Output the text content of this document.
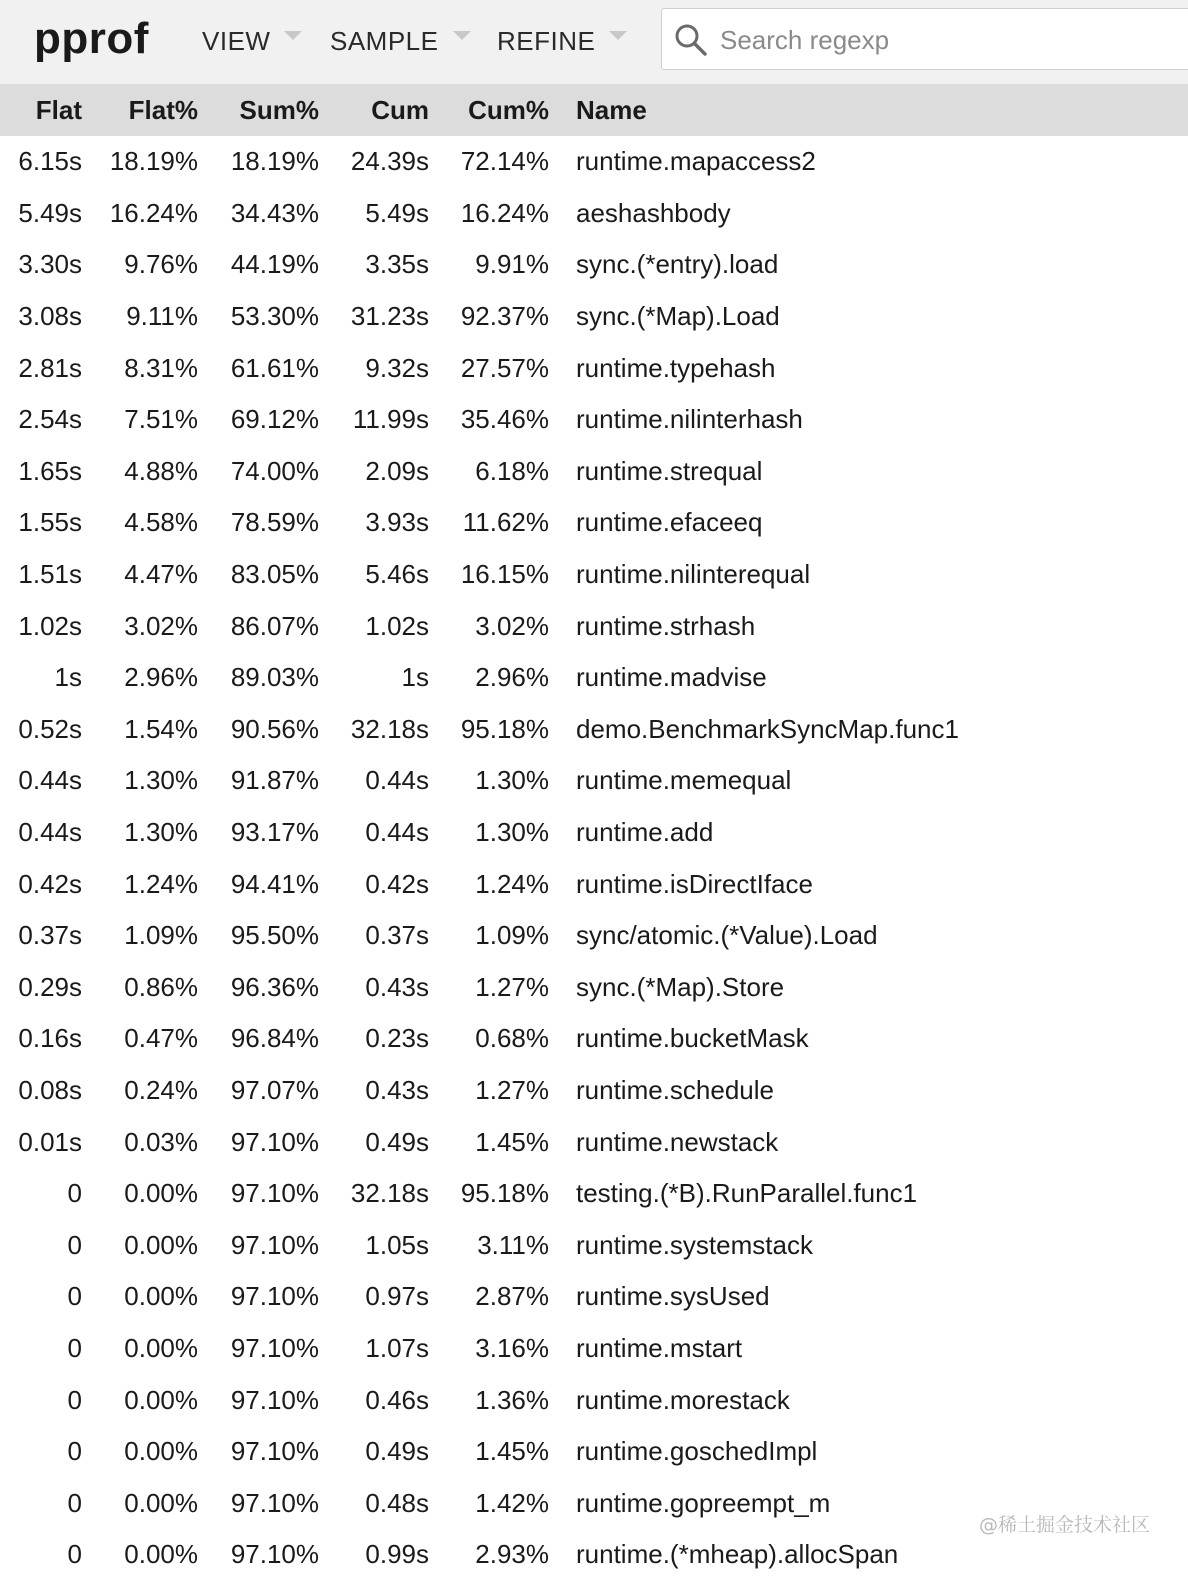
pprof VIEW SAMPLE REFINE
Search regexp
Flat	Flat%	Sum%	Cum	Cum%	Name
6.15s	18.19%	18.19%	24.39s	72.14%	runtime.mapaccess2
5.49s	16.24%	34.43%	5.49s	16.24%	aeshashbody
3.30s	9.76%	44.19%	3.35s	9.91%	sync.(*entry).load
3.08s	9.11%	53.30%	31.23s	92.37%	sync.(*Map).Load
2.81s	8.31%	61.61%	9.32s	27.57%	runtime.typehash
2.54s	7.51%	69.12%	11.99s	35.46%	runtime.nilinterhash
1.65s	4.88%	74.00%	2.09s	6.18%	runtime.strequal
1.55s	4.58%	78.59%	3.93s	11.62%	runtime.efaceeq
1.51s	4.47%	83.05%	5.46s	16.15%	runtime.nilinterequal
1.02s	3.02%	86.07%	1.02s	3.02%	runtime.strhash
1s	2.96%	89.03%	1s	2.96%	runtime.madvise
0.52s	1.54%	90.56%	32.18s	95.18%	demo.BenchmarkSyncMap.func1
0.44s	1.30%	91.87%	0.44s	1.30%	runtime.memequal
0.44s	1.30%	93.17%	0.44s	1.30%	runtime.add
0.42s	1.24%	94.41%	0.42s	1.24%	runtime.isDirectIface
0.37s	1.09%	95.50%	0.37s	1.09%	sync/atomic.(*Value).Load
0.29s	0.86%	96.36%	0.43s	1.27%	sync.(*Map).Store
0.16s	0.47%	96.84%	0.23s	0.68%	runtime.bucketMask
0.08s	0.24%	97.07%	0.43s	1.27%	runtime.schedule
0.01s	0.03%	97.10%	0.49s	1.45%	runtime.newstack
0	0.00%	97.10%	32.18s	95.18%	testing.(*B).RunParallel.func1
0	0.00%	97.10%	1.05s	3.11%	runtime.systemstack
0	0.00%	97.10%	0.97s	2.87%	runtime.sysUsed
0	0.00%	97.10%	1.07s	3.16%	runtime.mstart
0	0.00%	97.10%	0.46s	1.36%	runtime.morestack
0	0.00%	97.10%	0.49s	1.45%	runtime.goschedImpl
0	0.00%	97.10%	0.48s	1.42%	runtime.gopreempt_m
0	0.00%	97.10%	0.99s	2.93%	runtime.(*mheap).allocSpan
@稀土掘金技术社区
